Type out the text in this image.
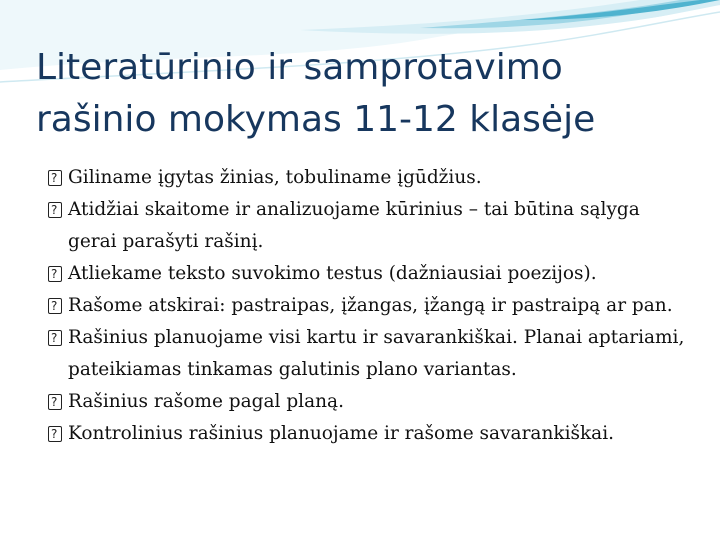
Literatūrinio ir samprotavimo
rašinio mokymas 11-12 klasėje
?
Gilinamе įgytas žinias, tobuliname įgūdžius.
?
Atidžiai skaitome ir analizuojame kūrinius – tai būtina sąlyga gerai parašyti rašinį.
?
Atliekame teksto suvokimo testus (dažniausiai poezijos).
?
Rašome atskirai: pastraipas, įžangas, įžangą ir pastraipą ar pan.
?
Rašinius planuojame visi kartu ir savarankiškai. Planai aptariami, pateikiamas tinkamas galutinis plano variantas.
?
Rašinius rašome pagal planą.
?
Kontrolinius rašinius planuojame ir rašome savarankiškai.
